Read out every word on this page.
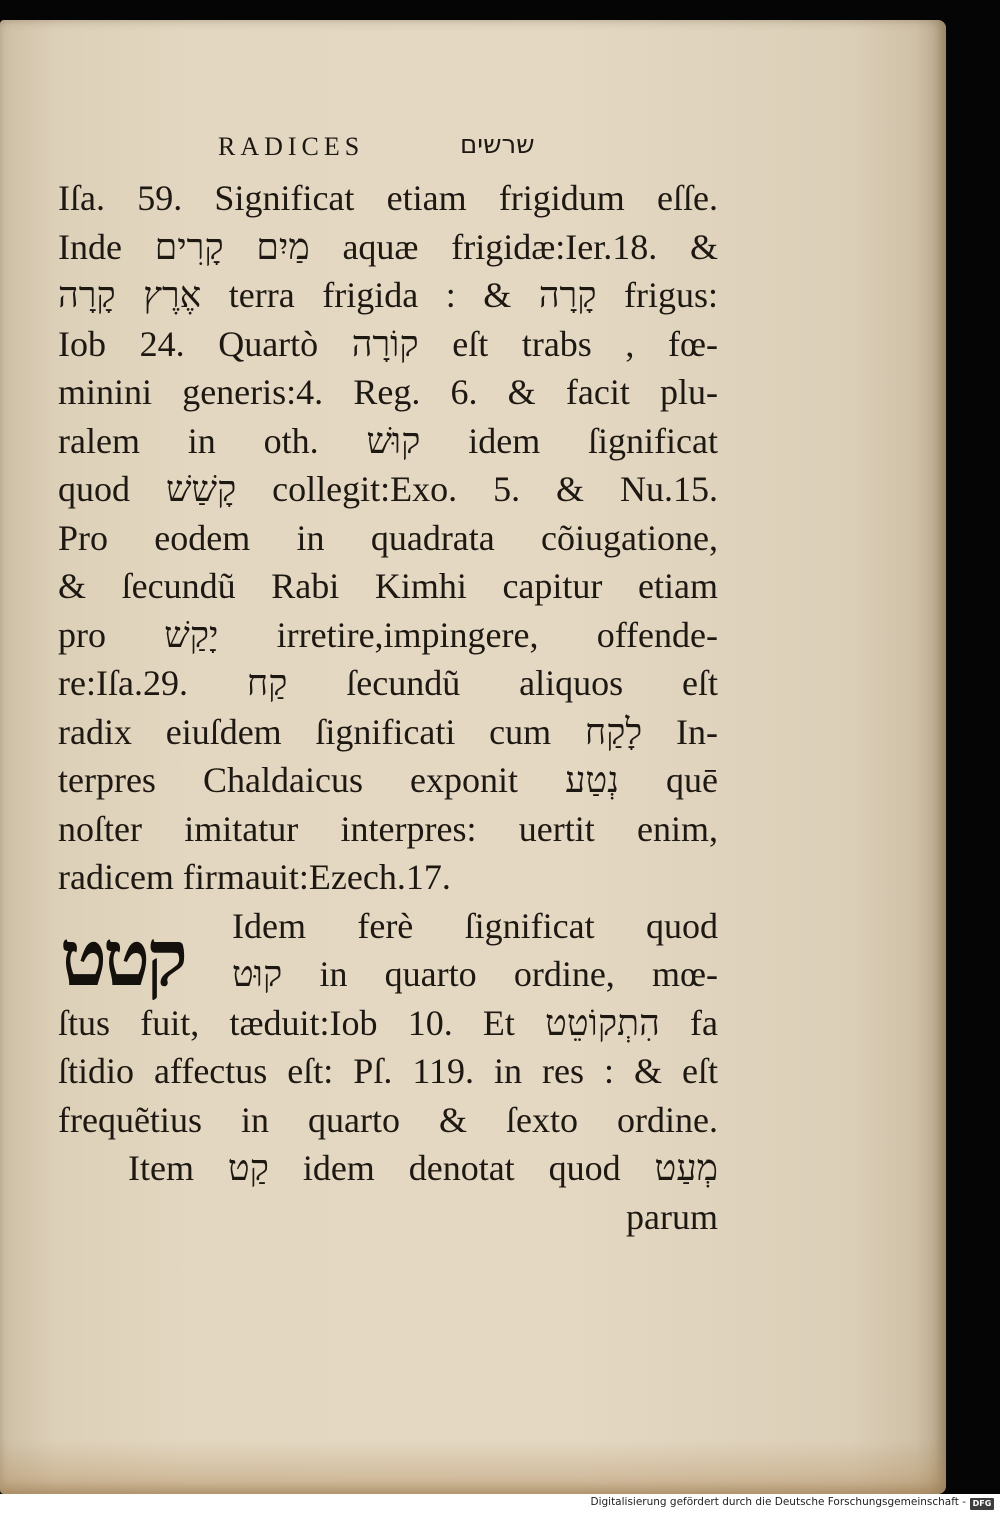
RADICES	שרשים
Iſa. 59. Significat etiam frigidum eſſe.
Inde מַיִם קָרִים aquæ frigidæ:Ier.18. &
אֶרֶץ קָרָה terra frigida : & קָרָה frigus:
Iob 24. Quartò קוֹרָה eſt trabs , fœ-
minini generis:4. Reg. 6. & facit plu-
ralem in oth. קוּשׁ idem ſignificat
quod קָשַׁשׁ collegit:Exo. 5. & Nu.15.
Pro eodem in quadrata cõiugatione,
& ſecundũ Rabi Kimhi capitur etiam
pro יָקַשׁ irretire,impingere, offende-
re:Iſa.29. קַח ſecundũ aliquos eſt
radix eiuſdem ſignificati cum לָקַח In-
terpres Chaldaicus exponit נְטַע quē
noſter imitatur interpres: uertit enim,
radicem firmauit:Ezech.17.
Idem ferè ſignificat quod
קוּט in quarto ordine, mœ-
ſtus fuit, tæduit:Iob 10. Et הִתְקוֹטֵט fa
ſtidio affectus eſt: Pſ. 119. in res : & eſt
frequẽtius in quarto & ſexto ordine.
Item קַט idem denotat quod מְעַט
parum
קטט
Digitalisierung gefördert durch die Deutsche Forschungsgemeinschaft - DFG
